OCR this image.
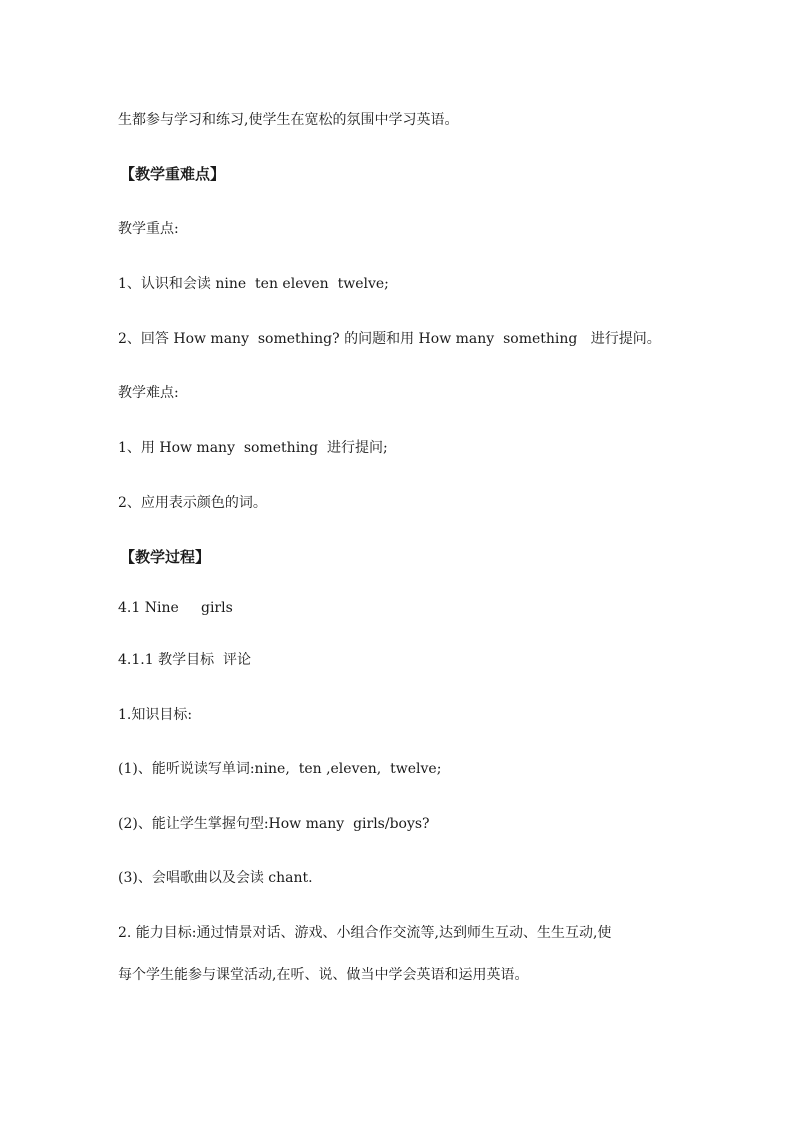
生都参与学习和练习,使学生在宽松的氛围中学习英语。
【教学重难点】
教学重点:
1、认识和会读 nine  ten eleven  twelve;
2、回答 How many  something? 的问题和用 How many  something   进行提问。
教学难点:
1、用 How many  something  进行提问;
2、应用表示颜色的词。
【教学过程】
4.1 Nine     girls
4.1.1 教学目标  评论
1.知识目标:
(1)、能听说读写单词:nine,  ten ,eleven,  twelve;
(2)、能让学生掌握句型:How many  girls/boys?
(3)、会唱歌曲以及会读 chant.
2. 能力目标:通过情景对话、游戏、小组合作交流等,达到师生互动、生生互动,使
每个学生能参与课堂活动,在听、说、做当中学会英语和运用英语。
